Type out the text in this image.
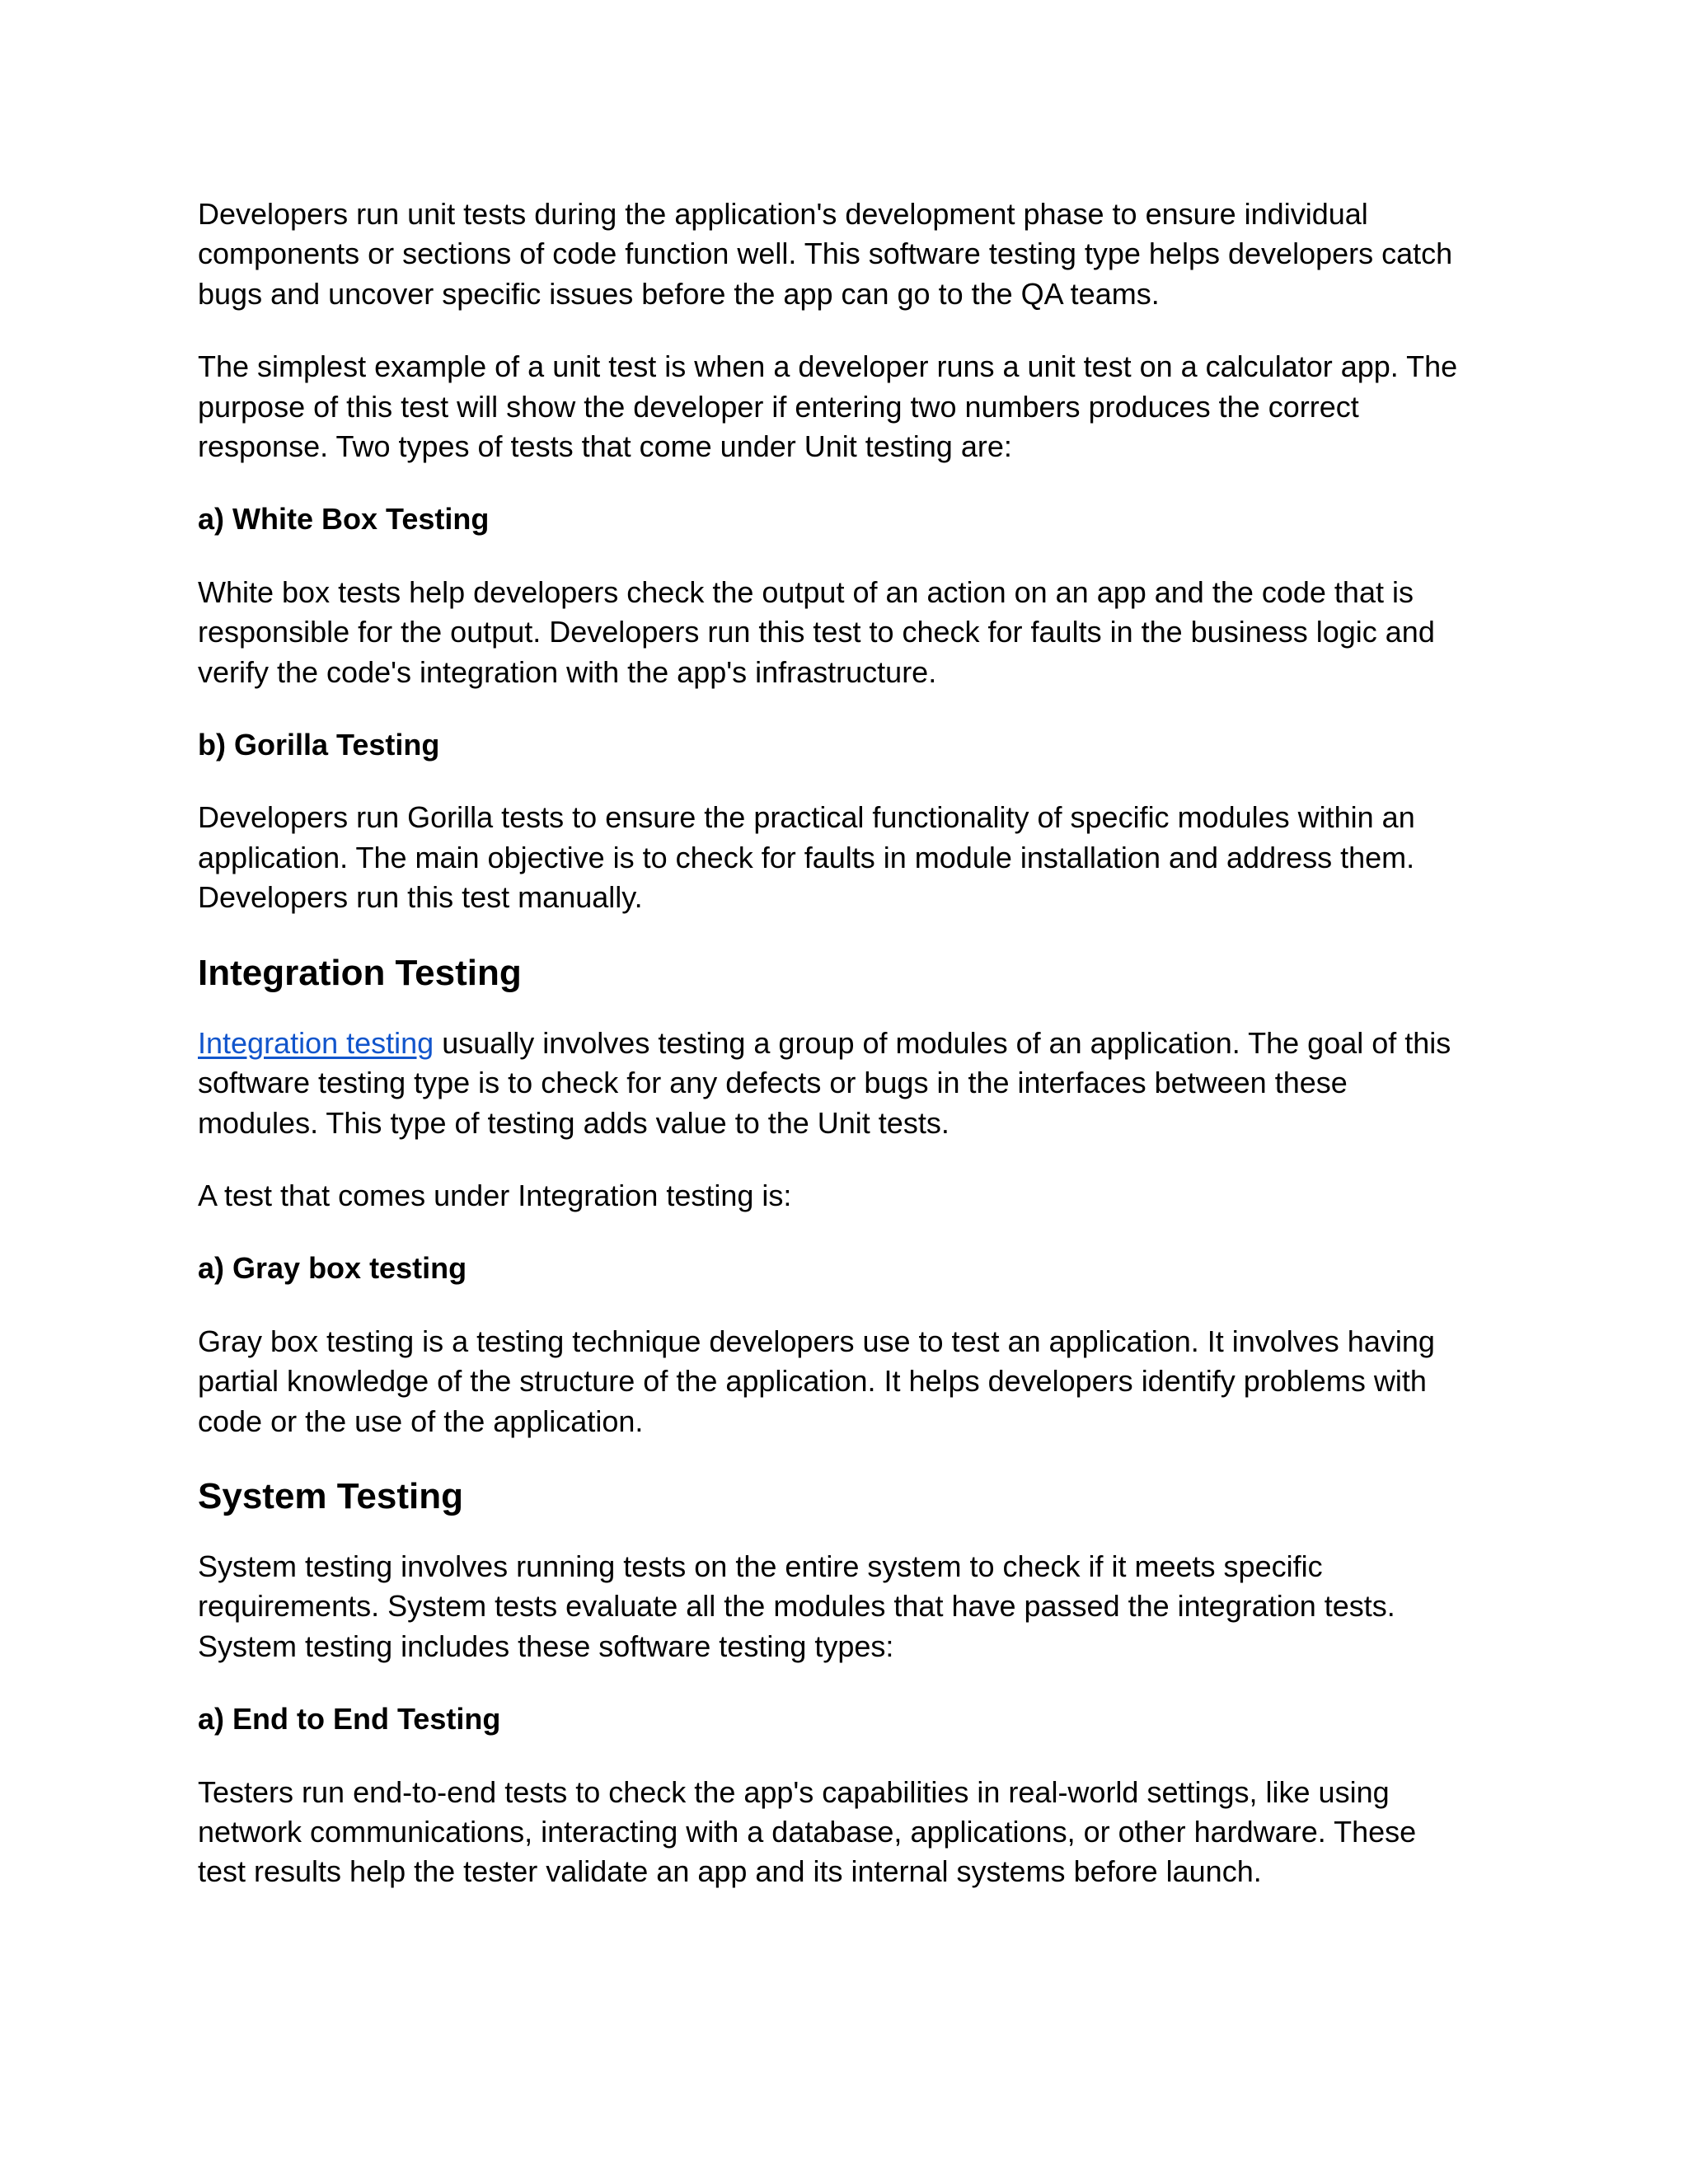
Developers run unit tests during the application's development phase to ensure individual
components or sections of code function well. This software testing type helps developers catch
bugs and uncover specific issues before the app can go to the QA teams.
The simplest example of a unit test is when a developer runs a unit test on a calculator app. The
purpose of this test will show the developer if entering two numbers produces the correct
response. Two types of tests that come under Unit testing are:
a) White Box Testing
White box tests help developers check the output of an action on an app and the code that is
responsible for the output. Developers run this test to check for faults in the business logic and
verify the code's integration with the app's infrastructure.
b) Gorilla Testing
Developers run Gorilla tests to ensure the practical functionality of specific modules within an
application. The main objective is to check for faults in module installation and address them.
Developers run this test manually.
Integration Testing
Integration testing usually involves testing a group of modules of an application. The goal of this
software testing type is to check for any defects or bugs in the interfaces between these
modules. This type of testing adds value to the Unit tests.
A test that comes under Integration testing is:
a) Gray box testing
Gray box testing is a testing technique developers use to test an application. It involves having
partial knowledge of the structure of the application. It helps developers identify problems with
code or the use of the application.
System Testing
System testing involves running tests on the entire system to check if it meets specific
requirements. System tests evaluate all the modules that have passed the integration tests.
System testing includes these software testing types:
a) End to End Testing
Testers run end-to-end tests to check the app's capabilities in real-world settings, like using
network communications, interacting with a database, applications, or other hardware. These
test results help the tester validate an app and its internal systems before launch.
